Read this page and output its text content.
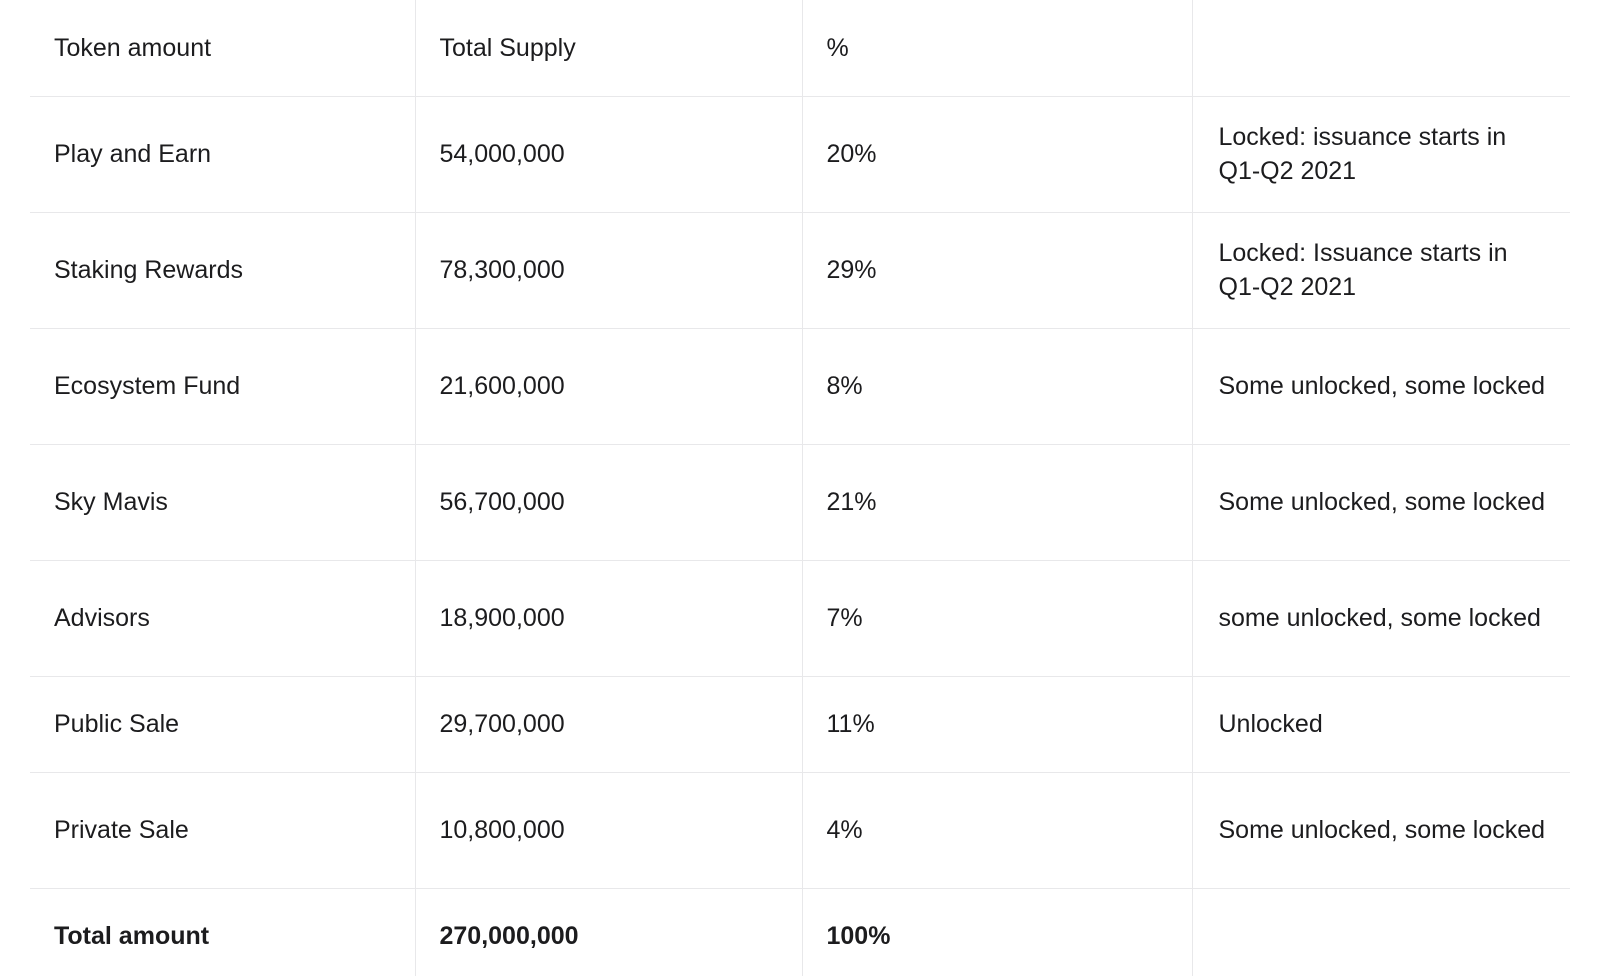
Token amount	Total Supply	%	
Play and Earn	54,000,000	20%	Locked: issuance starts in Q1-Q2 2021

Staking Rewards	78,300,000	29%	Locked: Issuance starts in Q1-Q2 2021

Ecosystem Fund	21,600,000	8%	Some unlocked, some locked

Sky Mavis	56,700,000	21%	Some unlocked, some locked

Advisors	18,900,000	7%	some unlocked, some locked

Public Sale	29,700,000	11%	Unlocked

Private Sale	10,800,000	4%	Some unlocked, some locked

Total amount	270,000,000	100%	
